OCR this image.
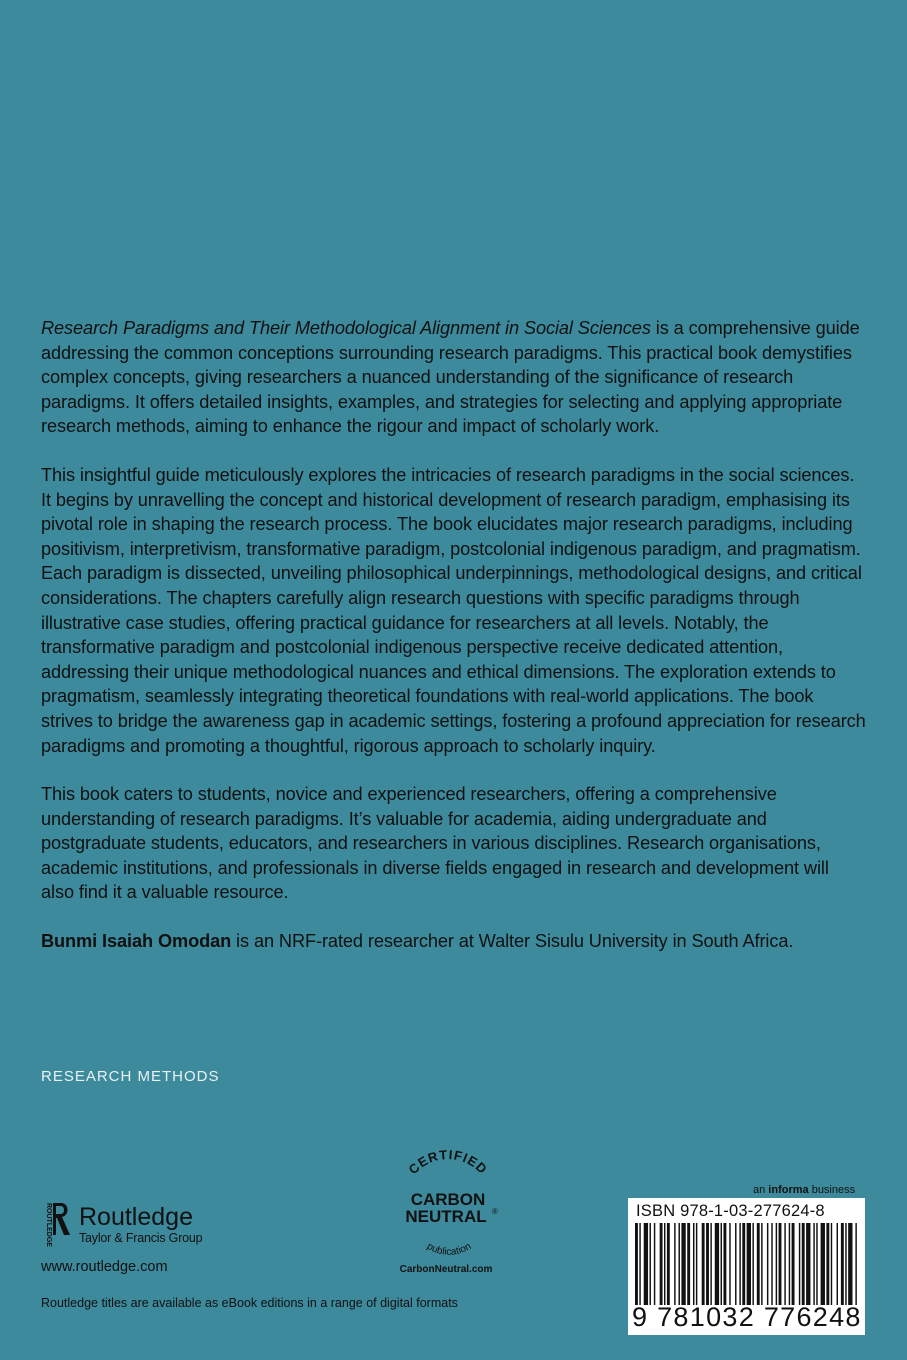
Research Paradigms and Their Methodological Alignment in Social Sciences is a comprehensive guide addressing the common conceptions surrounding research paradigms. This practical book demystifies complex concepts, giving researchers a nuanced understanding of the significance of research paradigms. It offers detailed insights, examples, and strategies for selecting and applying appropriate research methods, aiming to enhance the rigour and impact of scholarly work.

This insightful guide meticulously explores the intricacies of research paradigms in the social sciences. It begins by unravelling the concept and historical development of research paradigm, emphasising its pivotal role in shaping the research process. The book elucidates major research paradigms, including positivism, interpretivism, transformative paradigm, postcolonial indigenous paradigm, and pragmatism. Each paradigm is dissected, unveiling philosophical underpinnings, methodological designs, and critical considerations. The chapters carefully align research questions with specific paradigms through illustrative case studies, offering practical guidance for researchers at all levels. Notably, the transformative paradigm and postcolonial indigenous perspective receive dedicated attention, addressing their unique methodological nuances and ethical dimensions. The exploration extends to pragmatism, seamlessly integrating theoretical foundations with real-world applications. The book strives to bridge the awareness gap in academic settings, fostering a profound appreciation for research paradigms and promoting a thoughtful, rigorous approach to scholarly inquiry.

This book caters to students, novice and experienced researchers, offering a comprehensive understanding of research paradigms. It’s valuable for academia, aiding undergraduate and postgraduate students, educators, and researchers in various disciplines. Research organisations, academic institutions, and professionals in diverse fields engaged in research and development will also find it a valuable resource.

Bunmi Isaiah Omodan is an NRF-rated researcher at Walter Sisulu University in South Africa.

RESEARCH METHODS
ROUTLEDGE Routledge
Taylor & Francis Group
www.routledge.com
Routledge titles are available as eBook editions in a range of digital formats
CERTIFIED
CARBON
NEUTRAL ®
publication
CarbonNeutral.com
an informa business
ISBN 978-1-03-277624-8
9 781032 776248
